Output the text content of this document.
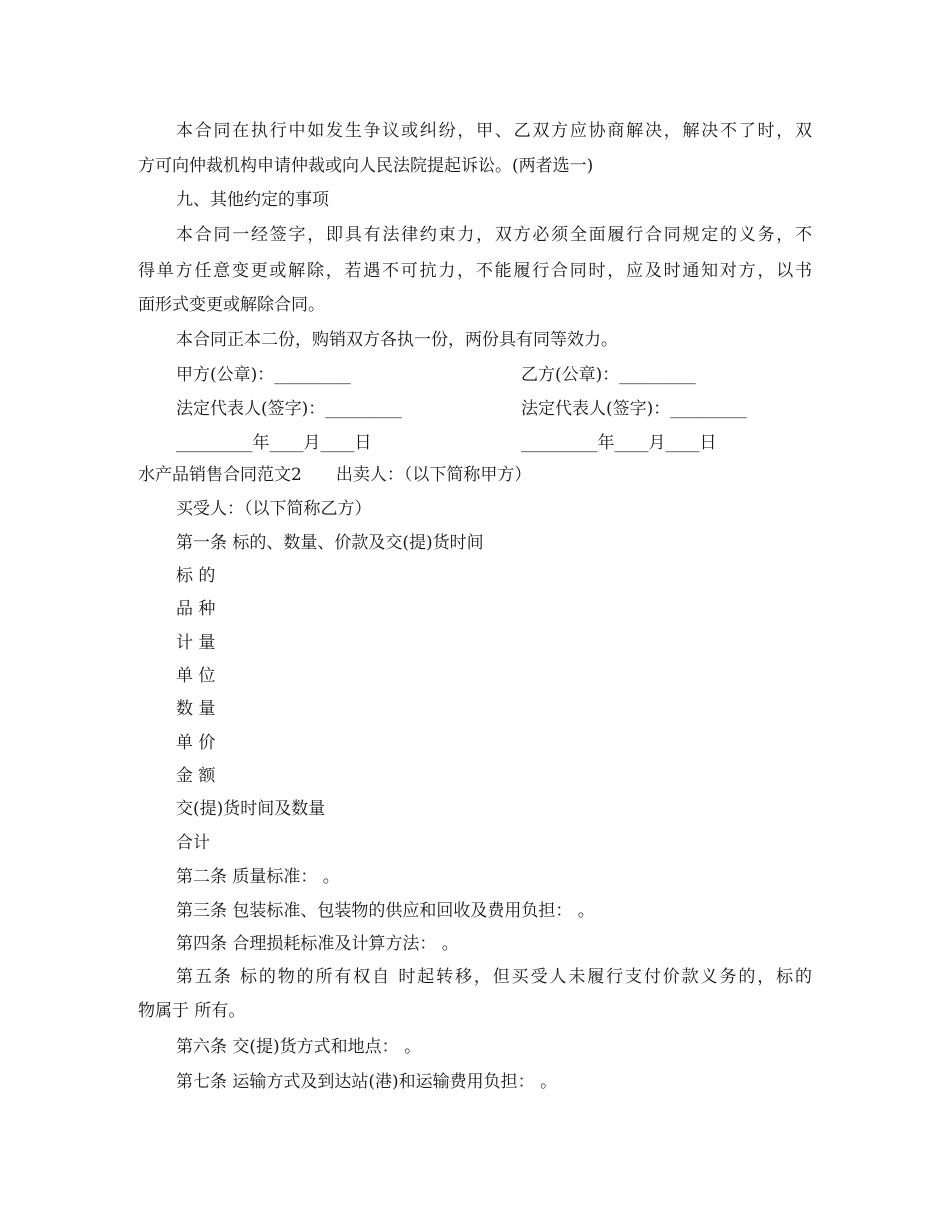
本合同在执行中如发生争议或纠纷，甲、乙双方应协商解决，解决不了时，双
方可向仲裁机构申请仲裁或向人民法院提起诉讼。(两者选一)
九、其他约定的事项
本合同一经签字，即具有法律约束力，双方必须全面履行合同规定的义务，不
得单方任意变更或解除，若遇不可抗力，不能履行合同时，应及时通知对方，以书
面形式变更或解除合同。
本合同正本二份，购销双方各执一份，两份具有同等效力。
甲方(公章)：_________	乙方(公章)：_________
法定代表人(签字)：_________	法定代表人(签字)：_________
_________年____月____日	_________年____月____日
水产品销售合同范文2　　出卖人：（以下简称甲方）
买受人：（以下简称乙方）
第一条 标的、数量、价款及交(提)货时间
标 的
品 种
计 量
单 位
数 量
单 价
金 额
交(提)货时间及数量
合计
第二条 质量标准： 。
第三条 包装标准、包装物的供应和回收及费用负担： 。
第四条 合理损耗标准及计算方法： 。
第五条 标的物的所有权自 时起转移，但买受人未履行支付价款义务的，标的
物属于 所有。
第六条 交(提)货方式和地点： 。
第七条 运输方式及到达站(港)和运输费用负担： 。
